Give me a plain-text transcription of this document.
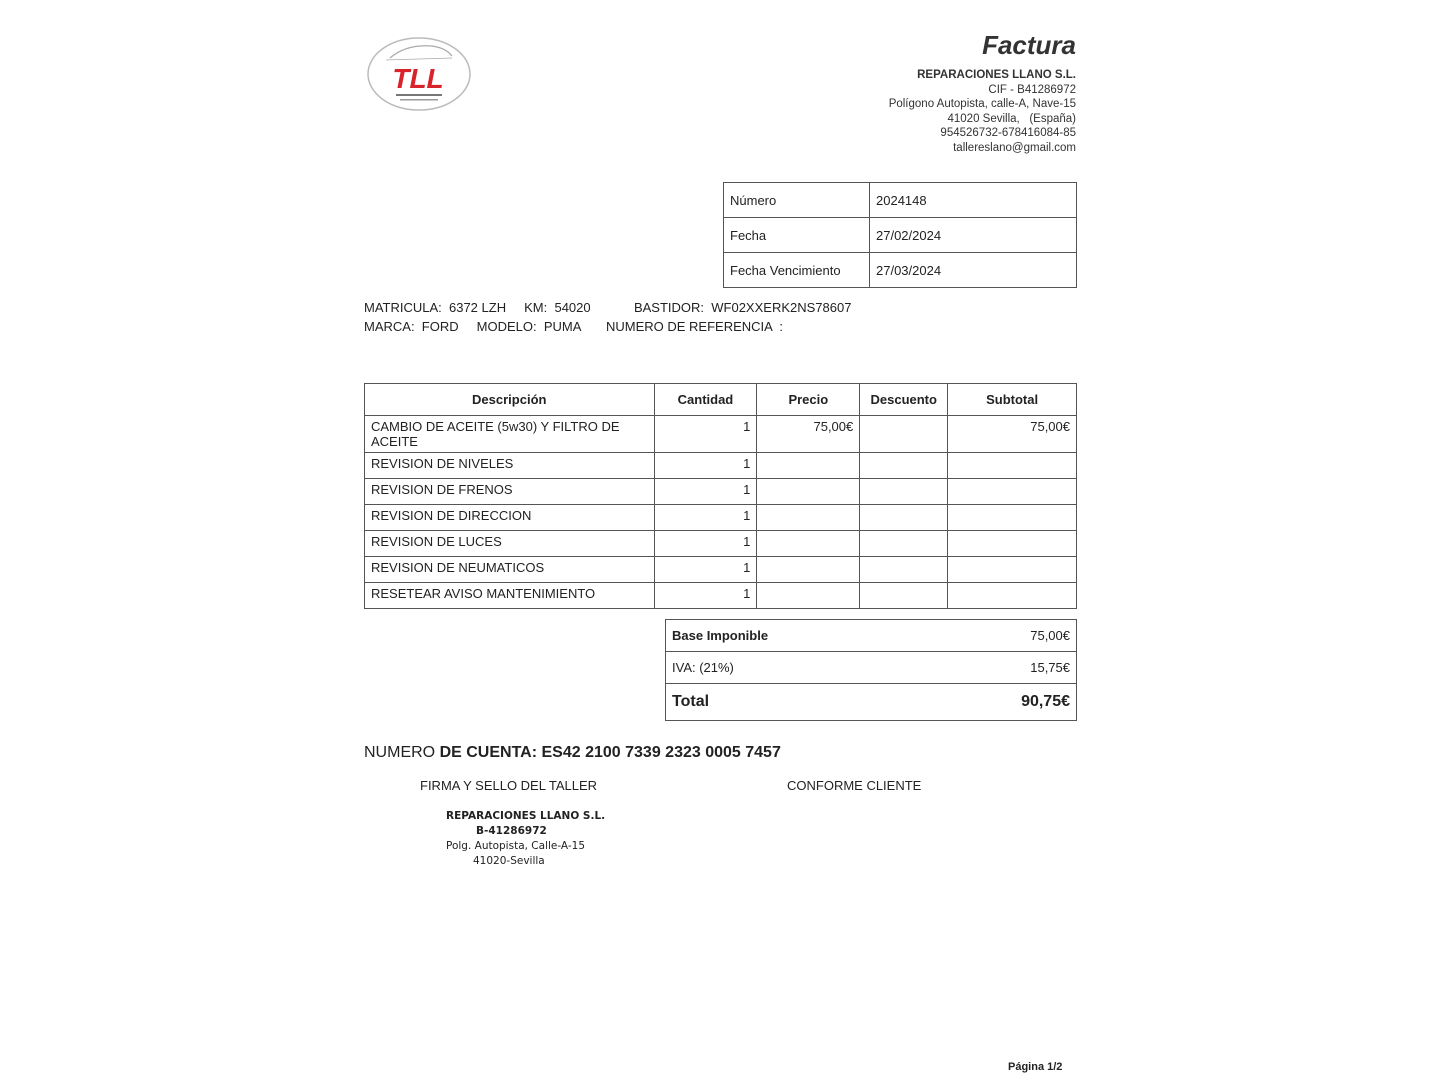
TLL
Factura
REPARACIONES LLANO S.L.
CIF - B41286972
Polígono Autopista, calle-A, Nave-15
41020 Sevilla,   (España)
954526732-678416084-85
tallereslano@gmail.com
Número	2024148
Fecha	27/02/2024
Fecha Vencimiento	27/03/2024
MATRICULA:  6372 LZH     KM:  54020            BASTIDOR:  WF02XXERK2NS78607
MARCA:  FORD     MODELO:  PUMA       NUMERO DE REFERENCIA  :
Descripción	Cantidad	Precio	Descuento	Subtotal
CAMBIO DE ACEITE (5w30) Y FILTRO DE ACEITE	1	75,00€		75,00€
REVISION DE NIVELES	1			
REVISION DE FRENOS	1			
REVISION DE DIRECCION	1			
REVISION DE LUCES	1			
REVISION DE NEUMATICOS	1			
RESETEAR AVISO MANTENIMIENTO	1			
Base Imponible	75,00€
IVA: (21%)	15,75€
Total	90,75€
NUMERO DE CUENTA: ES42 2100 7339 2323 0005 7457
FIRMA Y SELLO DEL TALLER	CONFORME CLIENTE
REPARACIONES LLANO S.L.
B-41286972
Polg. Autopista, Calle-A-15
41020-Sevilla
Página 1/2
